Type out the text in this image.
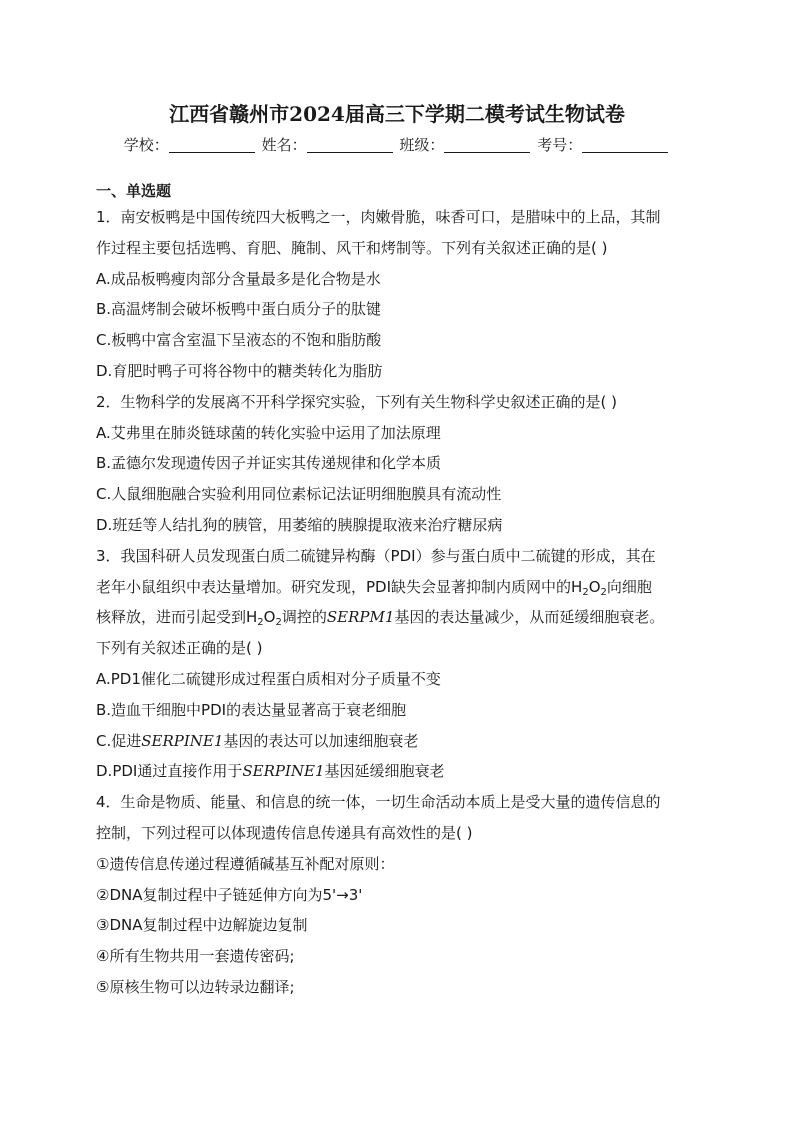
江西省赣州市2024届高三下学期二模考试生物试卷
学校：	姓名：	班级：	考号：
一、单选题
1．南安板鸭是中国传统四大板鸭之一，肉嫩骨脆，味香可口，是腊味中的上品，其制
作过程主要包括选鸭、育肥、腌制、风干和烤制等。下列有关叙述正确的是( )
A.成品板鸭瘦肉部分含量最多是化合物是水
B.高温烤制会破坏板鸭中蛋白质分子的肽键
C.板鸭中富含室温下呈液态的不饱和脂肪酸
D.育肥时鸭子可将谷物中的糖类转化为脂肪
2．生物科学的发展离不开科学探究实验，下列有关生物科学史叙述正确的是( )
A.艾弗里在肺炎链球菌的转化实验中运用了加法原理
B.孟德尔发现遗传因子并证实其传递规律和化学本质
C.人鼠细胞融合实验利用同位素标记法证明细胞膜具有流动性
D.班廷等人结扎狗的胰管，用萎缩的胰腺提取液来治疗糖尿病
3．我国科研人员发现蛋白质二硫键异构酶（PDI）参与蛋白质中二硫键的形成，其在
老年小鼠组织中表达量增加。研究发现，PDI缺失会显著抑制内质网中的$H_2O_2$向细胞
核释放，进而引起受到$H_2O_2$调控的SERPM1基因的表达量减少，从而延缓细胞衰老。
下列有关叙述正确的是( )
A.PD1催化二硫键形成过程蛋白质相对分子质量不变
B.造血干细胞中PDI的表达量显著高于衰老细胞
C.促进SERPINE1基因的表达可以加速细胞衰老
D.PDI通过直接作用于SERPINE1基因延缓细胞衰老
4．生命是物质、能量、和信息的统一体，一切生命活动本质上是受大量的遗传信息的
控制，下列过程可以体现遗传信息传递具有高效性的是( )
①遗传信息传递过程遵循碱基互补配对原则：
②DNA复制过程中子链延伸方向为5'→3'
③DNA复制过程中边解旋边复制
④所有生物共用一套遗传密码;
⑤原核生物可以边转录边翻译;
